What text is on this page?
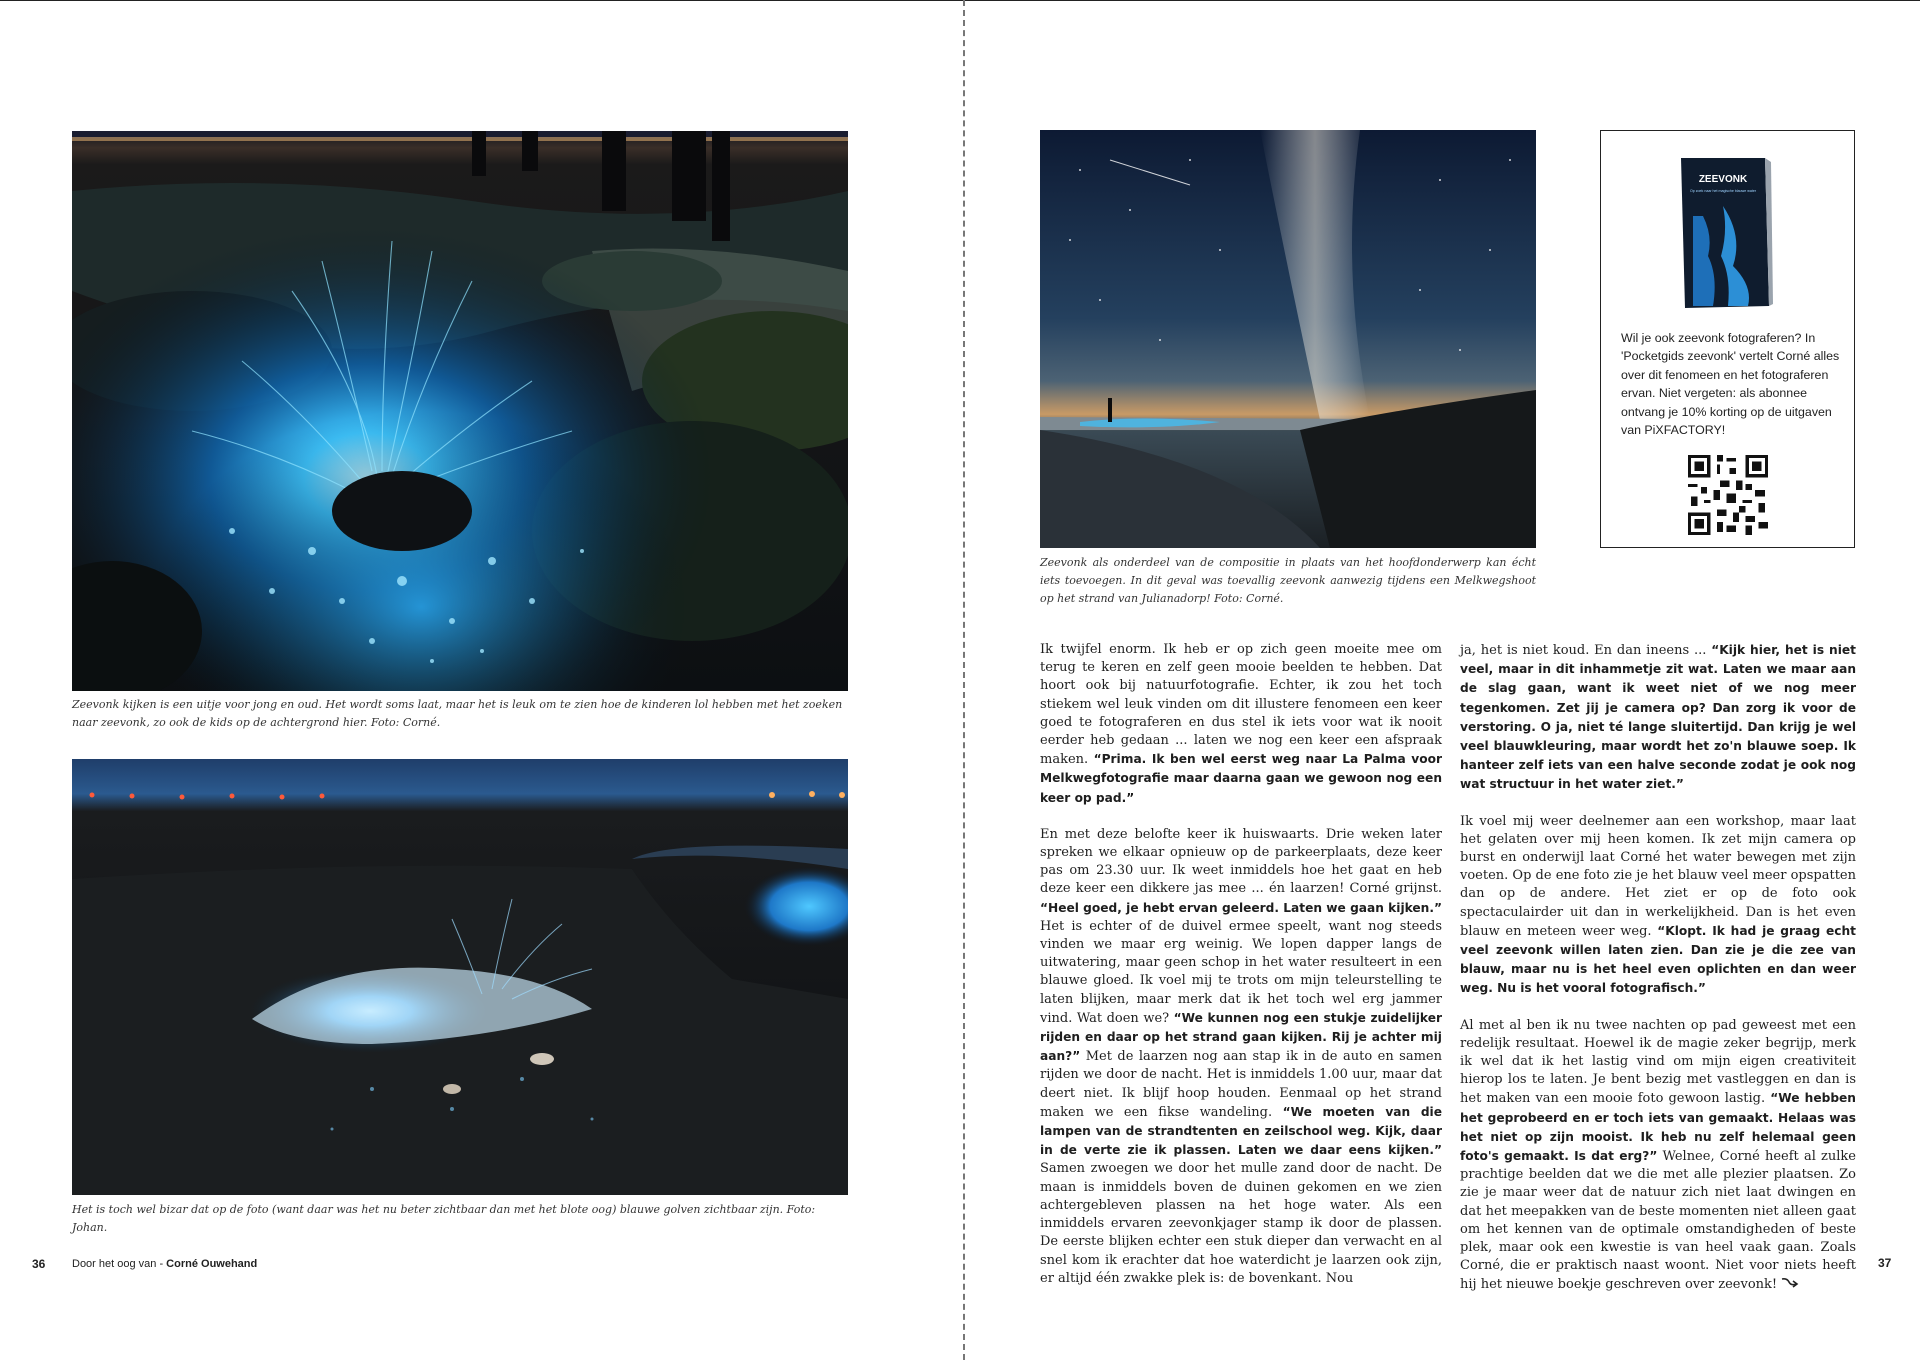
Zeevonk kijken is een uitje voor jong en oud. Het wordt soms laat, maar het is leuk om te zien hoe de kinderen lol hebben met het zoeken naar zeevonk, zo ook de kids op de achtergrond hier. Foto: Corné.
Het is toch wel bizar dat op de foto (want daar was het nu beter zichtbaar dan met het blote oog) blauwe golven zichtbaar zijn. Foto: Johan.
36 Door het oog van - Corné Ouwehand
Zeevonk als onderdeel van de compositie in plaats van het hoofdonderwerp kan écht iets toevoegen. In dit geval was toevallig zeevonk aanwezig tijdens een Melkwegshoot op het strand van Julianadorp! Foto: Corné.
ZEEVONK
Op zoek naar het magische blauwe water
Wil je ook zeevonk fotograferen? In 'Pocketgids zeevonk' vertelt Corné alles over dit fenomeen en het fotograferen ervan. Niet vergeten: als abonnee ontvang je 10% korting op de uitgaven van PiXFACTORY!

Ik twijfel enorm. Ik heb er op zich geen moeite mee om terug te keren en zelf geen mooie beelden te hebben. Dat hoort ook bij natuurfotografie. Echter, ik zou het toch stiekem wel leuk vinden om dit illustere fenomeen een keer goed te fotograferen en dus stel ik iets voor wat ik nooit eerder heb gedaan ... laten we nog een keer een afspraak maken. “Prima. Ik ben wel eerst weg naar La Palma voor Melkwegfotografie maar daarna gaan we gewoon nog een keer op pad.”

En met deze belofte keer ik huiswaarts. Drie weken later spreken we elkaar opnieuw op de parkeerplaats, deze keer pas om 23.30 uur. Ik weet inmiddels hoe het gaat en heb deze keer een dikkere jas mee ... én laarzen! Corné grijnst. “Heel goed, je hebt ervan geleerd. Laten we gaan kijken.” Het is echter of de duivel ermee speelt, want nog steeds vinden we maar erg weinig. We lopen dapper langs de uitwatering, maar geen schop in het water resulteert in een blauwe gloed. Ik voel mij te trots om mijn teleurstelling te laten blijken, maar merk dat ik het toch wel erg jammer vind. Wat doen we? “We kunnen nog een stukje zuidelijker rijden en daar op het strand gaan kijken. Rij je achter mij aan?” Met de laarzen nog aan stap ik in de auto en samen rijden we door de nacht. Het is inmiddels 1.00 uur, maar dat deert niet. Ik blijf hoop houden. Eenmaal op het strand maken we een fikse wandeling. “We moeten van die lampen van de strandtenten en zeilschool weg. Kijk, daar in de verte zie ik plassen. Laten we daar eens kijken.” Samen zwoegen we door het mulle zand door de nacht. De maan is inmiddels boven de duinen gekomen en we zien achtergebleven plassen na het hoge water. Als een inmiddels ervaren zeevonkjager stamp ik door de plassen. De eerste blijken echter een stuk dieper dan verwacht en al snel kom ik erachter dat hoe waterdicht je laarzen ook zijn, er altijd één zwakke plek is: de bovenkant. Nou

ja, het is niet koud. En dan ineens ... “Kijk hier, het is niet veel, maar in dit inhammetje zit wat. Laten we maar aan de slag gaan, want ik weet niet of we nog meer tegenkomen. Zet jij je camera op? Dan zorg ik voor de verstoring. O ja, niet té lange sluitertijd. Dan krijg je wel veel blauwkleuring, maar wordt het zo'n blauwe soep. Ik hanteer zelf iets van een halve seconde zodat je ook nog wat structuur in het water ziet.”

Ik voel mij weer deelnemer aan een workshop, maar laat het gelaten over mij heen komen. Ik zet mijn camera op burst en onderwijl laat Corné het water bewegen met zijn voeten. Op de ene foto zie je het blauw veel meer opspatten dan op de andere. Het ziet er op de foto ook spectaculairder uit dan in werkelijkheid. Dan is het even blauw en meteen weer weg. “Klopt. Ik had je graag echt veel zeevonk willen laten zien. Dan zie je die zee van blauw, maar nu is het heel even oplichten en dan weer weg. Nu is het vooral fotografisch.”

Al met al ben ik nu twee nachten op pad geweest met een redelijk resultaat. Hoewel ik de magie zeker begrijp, merk ik wel dat ik het lastig vind om mijn eigen creativiteit hierop los te laten. Je bent bezig met vastleggen en dan is het maken van een mooie foto gewoon lastig. “We hebben het geprobeerd en er toch iets van gemaakt. Helaas was het niet op zijn mooist. Ik heb nu zelf helemaal geen foto's gemaakt. Is dat erg?” Welnee, Corné heeft al zulke prachtige beelden dat we die met alle plezier plaatsen. Zo zie je maar weer dat de natuur zich niet laat dwingen en dat het meepakken van de beste momenten niet alleen gaat om het kennen van de optimale omstandigheden of beste plek, maar ook een kwestie is van heel vaak gaan. Zoals Corné, die er praktisch naast woont. Niet voor niets heeft hij het nieuwe boekje geschreven over zeevonk!

37
